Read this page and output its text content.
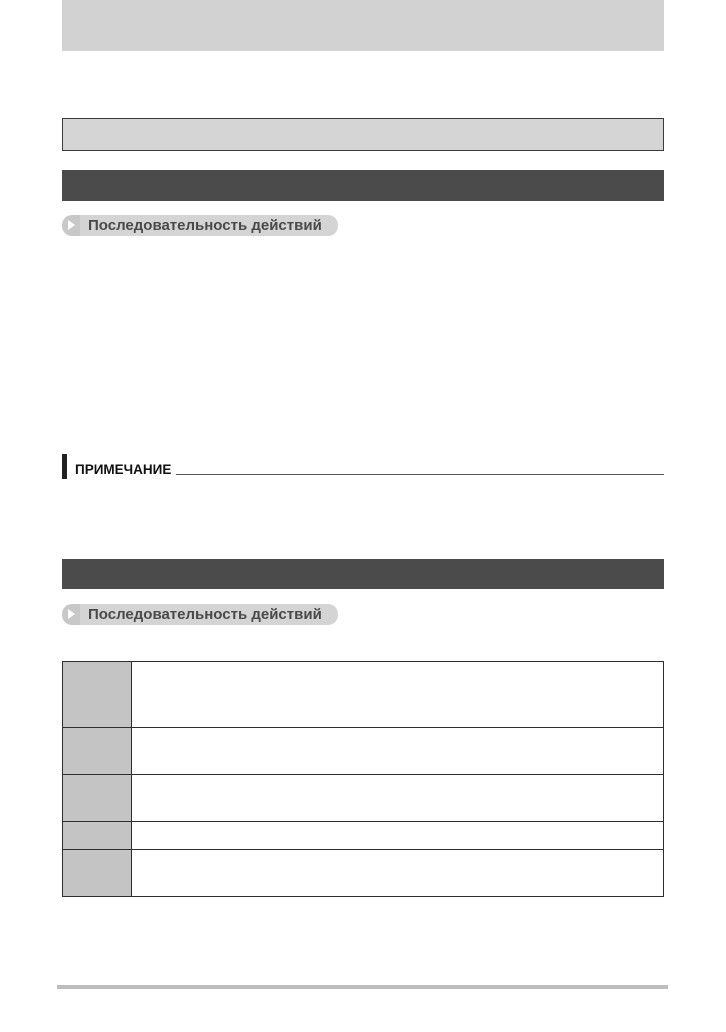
Последовательность действий
ПРИМЕЧАНИЕ
Последовательность действий
